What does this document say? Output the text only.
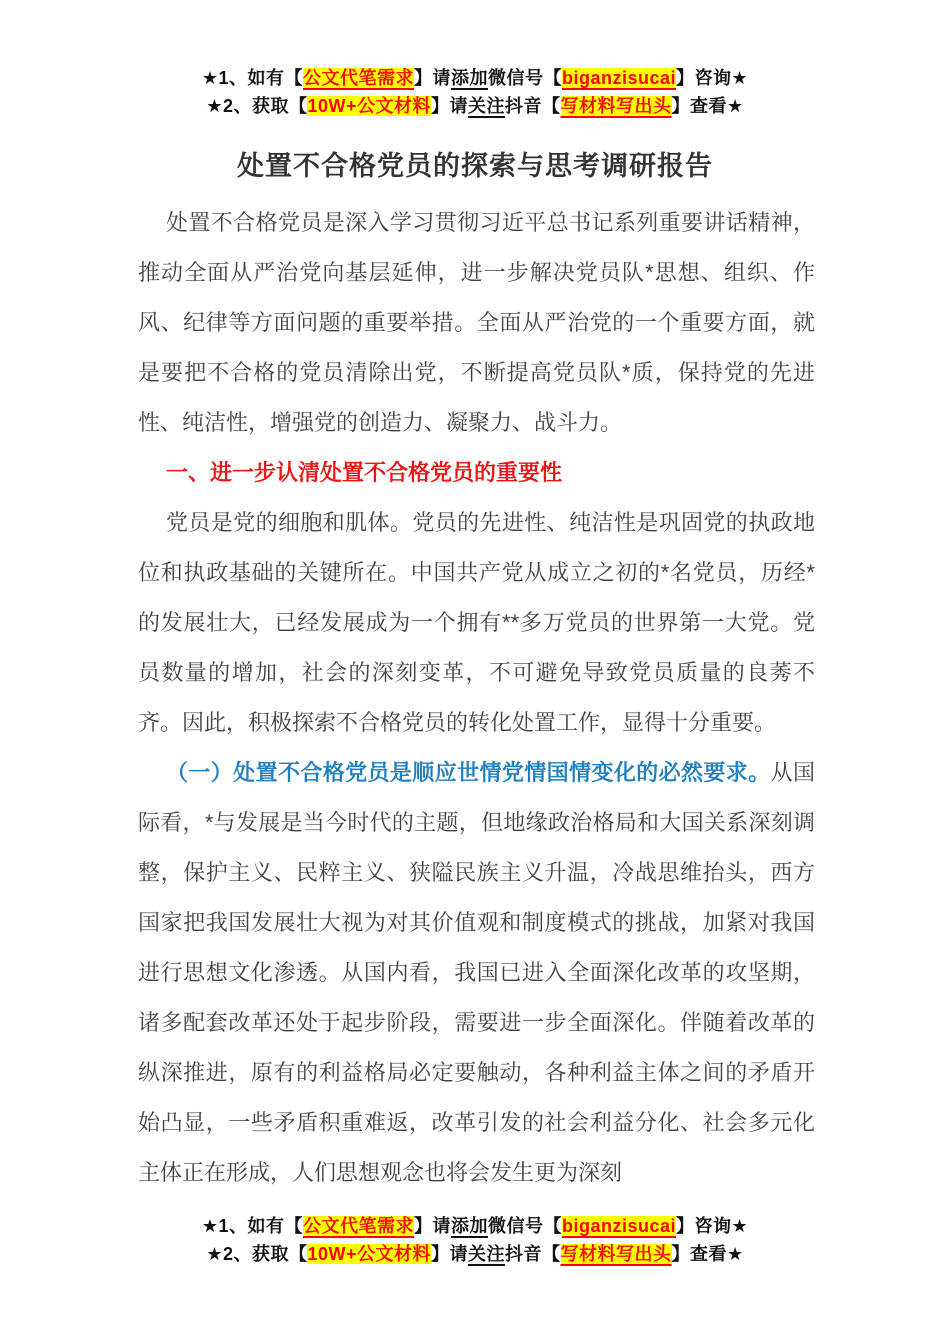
★1、如有【公文代笔需求】请添加微信号【biganzisucai】咨询★
★2、获取【10W+公文材料】请关注抖音【写材料写出头】查看★
处置不合格党员的探索与思考调研报告

处置不合格党员是深入学习贯彻习近平总书记系列重要讲话精神，推动全面从严治党向基层延伸，进一步解决党员队*思想、组织、作风、纪律等方面问题的重要举措。全面从严治党的一个重要方面，就是要把不合格的党员清除出党，不断提高党员队*质，保持党的先进性、纯洁性，增强党的创造力、凝聚力、战斗力。

一、进一步认清处置不合格党员的重要性

党员是党的细胞和肌体。党员的先进性、纯洁性是巩固党的执政地位和执政基础的关键所在。中国共产党从成立之初的*名党员，历经*的发展壮大，已经发展成为一个拥有**多万党员的世界第一大党。党员数量的增加，社会的深刻变革，不可避免导致党员质量的良莠不齐。因此，积极探索不合格党员的转化处置工作，显得十分重要。

（一）处置不合格党员是顺应世情党情国情变化的必然要求。从国际看，*与发展是当今时代的主题，但地缘政治格局和大国关系深刻调整，保护主义、民粹主义、狭隘民族主义升温，冷战思维抬头，西方国家把我国发展壮大视为对其价值观和制度模式的挑战，加紧对我国进行思想文化渗透。从国内看，我国已进入全面深化改革的攻坚期，诸多配套改革还处于起步阶段，需要进一步全面深化。伴随着改革的纵深推进，原有的利益格局必定要触动，各种利益主体之间的矛盾开始凸显，一些矛盾积重难返，改革引发的社会利益分化、社会多元化主体正在形成，人们思想观念也将会发生更为深刻

★1、如有【公文代笔需求】请添加微信号【biganzisucai】咨询★
★2、获取【10W+公文材料】请关注抖音【写材料写出头】查看★
